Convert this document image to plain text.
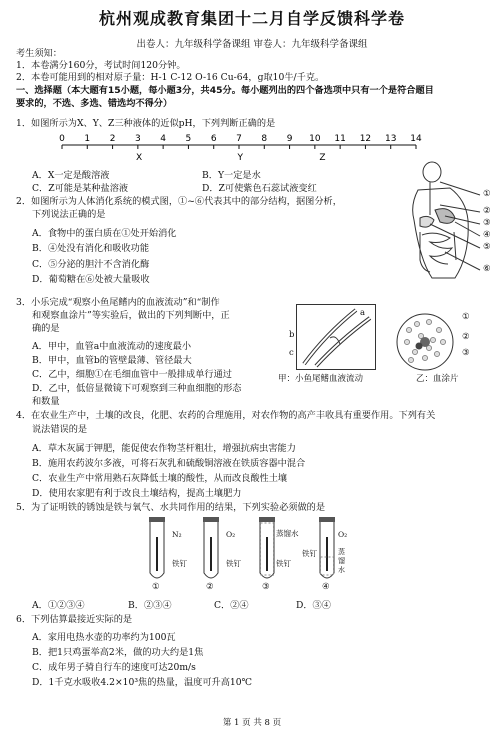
杭州观成教育集团十二月自学反馈科学卷
出卷人：九年级科学备课组 审卷人：九年级科学备课组
考生须知：
1．本卷满分160分，考试时间120分钟。
2．本卷可能用到的相对原子量：H-1 C-12 O-16 Cu-64，g取10牛/千克。
一、选择题（本大题有15小题，每小题3分，共45分。每小题列出的四个备选项中只有一个是符合题目
要求的，不选、多选、错选均不得分）
1．如图所示为X、Y、Z三种液体的近似pH，下列判断正确的是
0 1 2 3 4 5 6 7 8 9 10 11 12 13 14
X	Y	Z
A．X一定是酸溶液	B．Y一定是水
C．Z可能是某种盐溶液	D．Z可使紫色石蕊试液变红
2．如图所示为人体消化系统的模式图，①~⑥代表其中的部分结构，据图分析，
下列说法正确的是
A．食物中的蛋白质在①处开始消化
B．④处没有消化和吸收功能
C．⑤分泌的胆汁不含消化酶
D．葡萄糖在⑥处被大量吸收
①
②
③
④
⑤
⑥
3．小乐完成“观察小鱼尾鳍内的血液流动”和“制作
和观察血涂片”等实验后，做出的下列判断中，正
确的是
A．甲中，血管a中血液流动的速度最小
B．甲中，血管b的管壁最薄、管径最大
C．乙中，细胞①在毛细血管中一般排成单行通过
D．乙中，低倍显微镜下可观察到三种血细胞的形态
和数量
a
b
c
①
②
③
甲：小鱼尾鳍血液流动	乙：血涂片
4．在农业生产中，土壤的改良，化肥、农药的合理施用，对农作物的高产丰收具有重要作用。下列有关
说法错误的是
A．草木灰属于钾肥，能促使农作物茎杆粗壮，增强抗病虫害能力
B．施用农药波尔多液，可将石灰乳和硫酸铜溶液在铁质容器中混合
C．农业生产中常用熟石灰降低土壤的酸性，从而改良酸性土壤
D．使用农家肥有利于改良土壤结构，提高土壤肥力
5．为了证明铁的锈蚀是铁与氧气、水共同作用的结果，下列实验必须做的是
N₂
铁钉
O₂
铁钉
蒸馏水
铁钉
O₂
铁钉	蒸馏水
①	②	③	④
A．①②③④	B．②③④	C．②④	D．③④
6．下列估算最接近实际的是
A．家用电热水壶的功率约为100瓦
B．把1只鸡蛋举高2米，做的功大约是1焦
C．成年男子骑自行车的速度可达20m/s
D．1千克水吸收4.2×10³焦的热量，温度可升高10℃
第 1 页 共 8 页
